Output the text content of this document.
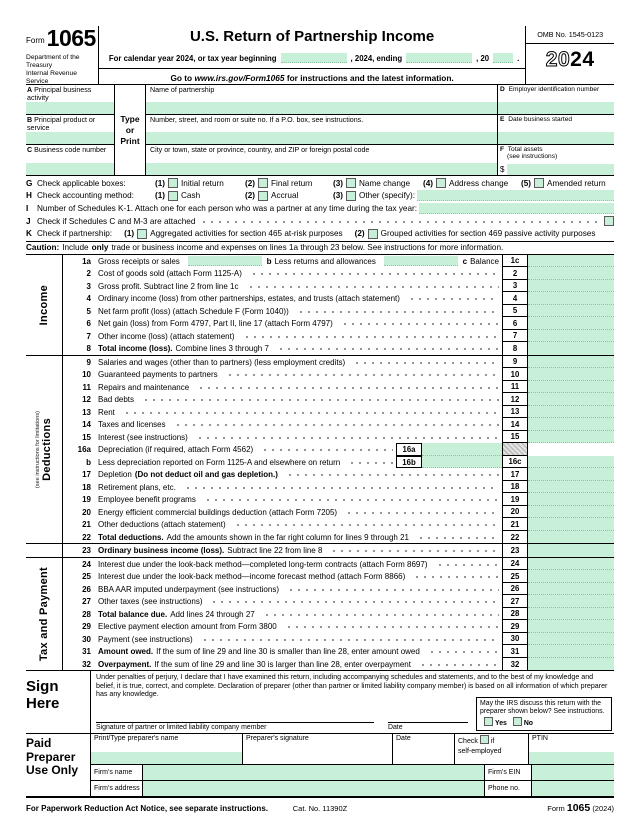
Form 1065
Department of the Treasury
Internal Revenue Service
U.S. Return of Partnership Income
For calendar year 2024, or tax year beginning	, 2024, ending	, 20	.
Go to www.irs.gov/Form1065 for instructions and the latest information.
OMB No. 1545-0123
2024
A Principal business activity
B Principal product or service
C Business code number
Type
or
Print
Name of partnership
Number, street, and room or suite no. If a P.O. box, see instructions.
City or town, state or province, country, and ZIP or foreign postal code
D Employer identification number
E Date business started
F Total assets
(see instructions)
$
G Check applicable boxes:	(1) Initial return	(2) Final return	(3) Name change (4) Address change (5) Amended return
H Check accounting method:	(1) Cash	(2) Accrual	(3) Other (specify):
I	Number of Schedules K-1. Attach one for each person who was a partner at any time during the tax year:
J Check if Schedules C and M-3 are attached
K Check if partnership: (1) Aggregated activities for section 465 at-risk purposes (2) Grouped activities for section 469 passive activity purposes
Caution: Include only trade or business income and expenses on lines 1a through 23 below. See instructions for more information.
Income
1a Gross receipts or sales	b Less returns and allowances	c Balance	1c
2 Cost of goods sold (attach Form 1125-A)	2
3 Gross profit. Subtract line 2 from line 1c	3
4 Ordinary income (loss) from other partnerships, estates, and trusts (attach statement)	4
5 Net farm profit (loss) (attach Schedule F (Form 1040))	5
6 Net gain (loss) from Form 4797, Part II, line 17 (attach Form 4797)	6
7 Other income (loss) (attach statement)	7
8 Total income (loss). Combine lines 3 through 7	8
(see instructions for limitations) Deductions
9 Salaries and wages (other than to partners) (less employment credits)	9
10 Guaranteed payments to partners	10
11 Repairs and maintenance	11
12 Bad debts	12
13 Rent	13
14 Taxes and licenses	14
15 Interest (see instructions)	15
16a Depreciation (if required, attach Form 4562)	16a
b Less depreciation reported on Form 1125-A and elsewhere on return	16b	16c
17 Depletion (Do not deduct oil and gas depletion.)	17
18 Retirement plans, etc.	18
19 Employee benefit programs	19
20 Energy efficient commercial buildings deduction (attach Form 7205)	20
21 Other deductions (attach statement)	21
22 Total deductions. Add the amounts shown in the far right column for lines 9 through 21	22
23 Ordinary business income (loss). Subtract line 22 from line 8	23
Tax and Payment
24 Interest due under the look-back method—completed long-term contracts (attach Form 8697)	24
25 Interest due under the look-back method—income forecast method (attach Form 8866)	25
26 BBA AAR imputed underpayment (see instructions)	26
27 Other taxes (see instructions)	27
28 Total balance due. Add lines 24 through 27	28
29 Elective payment election amount from Form 3800	29
30 Payment (see instructions)	30
31 Amount owed. If the sum of line 29 and line 30 is smaller than line 28, enter amount owed	31
32 Overpayment. If the sum of line 29 and line 30 is larger than line 28, enter overpayment	32
Sign
Here
Under penalties of perjury, I declare that I have examined this return, including accompanying schedules and statements, and to the best of my knowledge and belief, it is true, correct, and complete. Declaration of preparer (other than partner or limited liability company member) is based on all information of which preparer has any knowledge.
Signature of partner or limited liability company member	Date
May the IRS discuss this return with the preparer shown below? See instructions. Yes No
Paid
Preparer
Use Only
Print/Type preparer's name	Preparer's signature	Date	Check if
self-employed
PTIN
Firm's name	Firm's EIN
Firm's address	Phone no.
For Paperwork Reduction Act Notice, see separate instructions.	Cat. No. 11390Z	Form 1065 (2024)
